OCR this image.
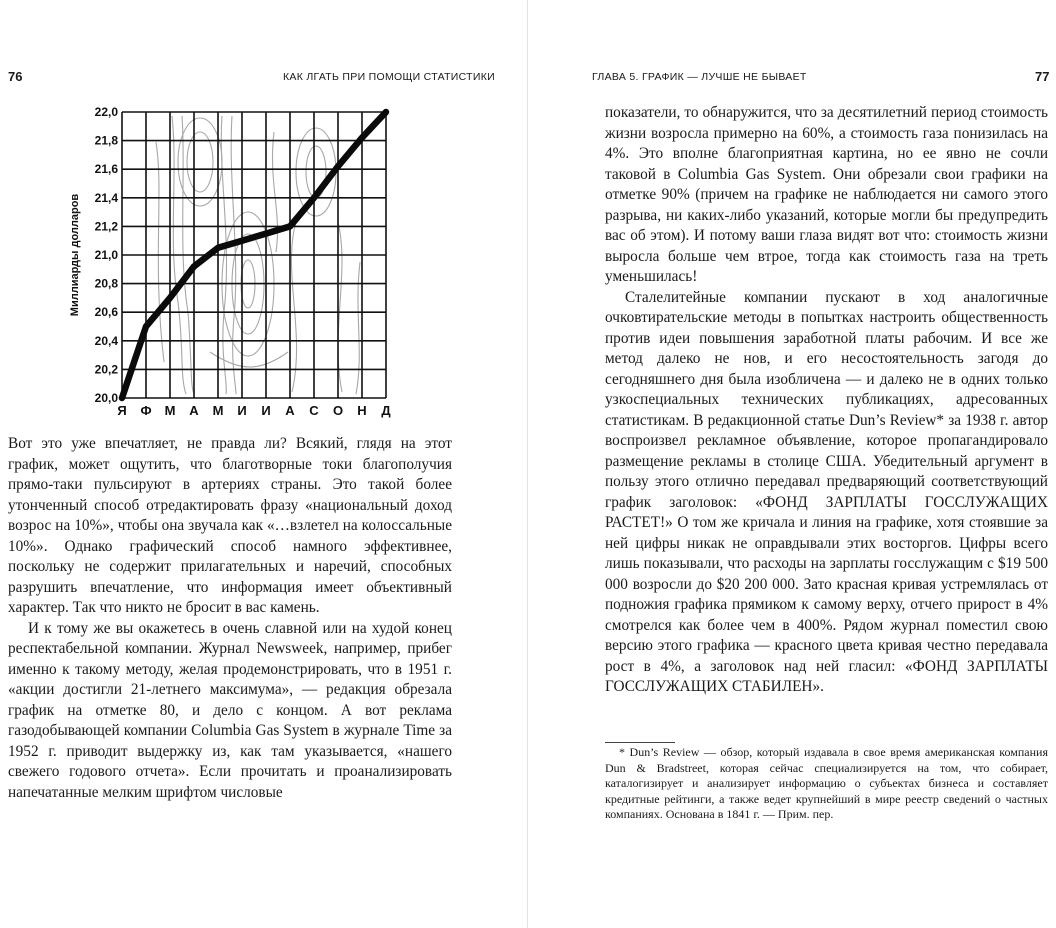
76	КАК ЛГАТЬ ПРИ ПОМОЩИ СТАТИСТИКИ
20,0
20,2
20,4
20,6
20,8
21,0
21,2
21,4
21,6
21,8
22,0
Я Ф М А М И И А С О Н Д
Миллиарды долларов

Вот это уже впечатляет, не правда ли? Всякий, глядя на этот график, может ощутить, что благотворные токи благополучия прямо-таки пульсируют в артериях страны. Это такой более утонченный способ отредактировать фразу «национальный доход возрос на 10%», чтобы она звучала как «…взлетел на колоссальные 10%». Однако графический способ намного эффективнее, поскольку не содержит прилагательных и наречий, способных разрушить впечатление, что информация имеет объективный характер. Так что никто не бросит в вас камень.

И к тому же вы окажетесь в очень славной или на худой конец респектабельной компании. Журнал Newsweek, например, прибег именно к такому методу, желая продемонстрировать, что в 1951 г. «акции достигли 21-летнего максимума», — редакция обрезала график на отметке 80, и дело с концом. А вот реклама газодобывающей компании Columbia Gas System в журнале Time за 1952 г. приводит выдержку из, как там указывается, «нашего свежего годового отчета». Если прочитать и проанализировать напечатанные мелким шрифтом числовые

ГЛАВА 5. ГРАФИК — ЛУЧШЕ НЕ БЫВАЕТ	77

показатели, то обнаружится, что за десятилетний период стоимость жизни возросла примерно на 60%, а стоимость газа понизилась на 4%. Это вполне благоприятная картина, но ее явно не сочли таковой в Columbia Gas System. Они обрезали свои графики на отметке 90% (причем на графике не наблюдается ни самого этого разрыва, ни каких-либо указаний, которые могли бы предупредить вас об этом). И потому ваши глаза видят вот что: стоимость жизни выросла больше чем втрое, тогда как стоимость газа на треть уменьшилась!

Сталелитейные компании пускают в ход аналогичные очковтирательские методы в попытках настроить общественность против идеи повышения заработной платы рабочим. И все же метод далеко не нов, и его несостоятельность загодя до сегодняшнего дня была изобличена — и далеко не в одних только узкоспециальных технических публикациях, адресованных статистикам. В редакционной статье Dun’s Review* за 1938 г. автор воспроизвел рекламное объявление, которое пропагандировало размещение рекламы в столице США. Убедительный аргумент в пользу этого отлично передавал предваряющий соответствующий график заголовок: «ФОНД ЗАРПЛАТЫ ГОССЛУЖАЩИХ РАСТЕТ!» О том же кричала и линия на графике, хотя стоявшие за ней цифры никак не оправдывали этих восторгов. Цифры всего лишь показывали, что расходы на зарплаты госслужащим с $19 500 000 возросли до $20 200 000. Зато красная кривая устремлялась от подножия графика прямиком к самому верху, отчего прирост в 4% смотрелся как более чем в 400%. Рядом журнал поместил свою версию этого графика — красного цвета кривая честно передавала рост в 4%, а заголовок над ней гласил: «ФОНД ЗАРПЛАТЫ ГОССЛУЖАЩИХ СТАБИЛЕН».

* Dun’s Review — обзор, который издавала в свое время американская компания Dun & Bradstreet, которая сейчас специализируется на том, что собирает, каталогизирует и анализирует информацию о субъектах бизнеса и составляет кредитные рейтинги, а также ведет крупнейший в мире реестр сведений о частных компаниях. Основана в 1841 г. — Прим. пер.
